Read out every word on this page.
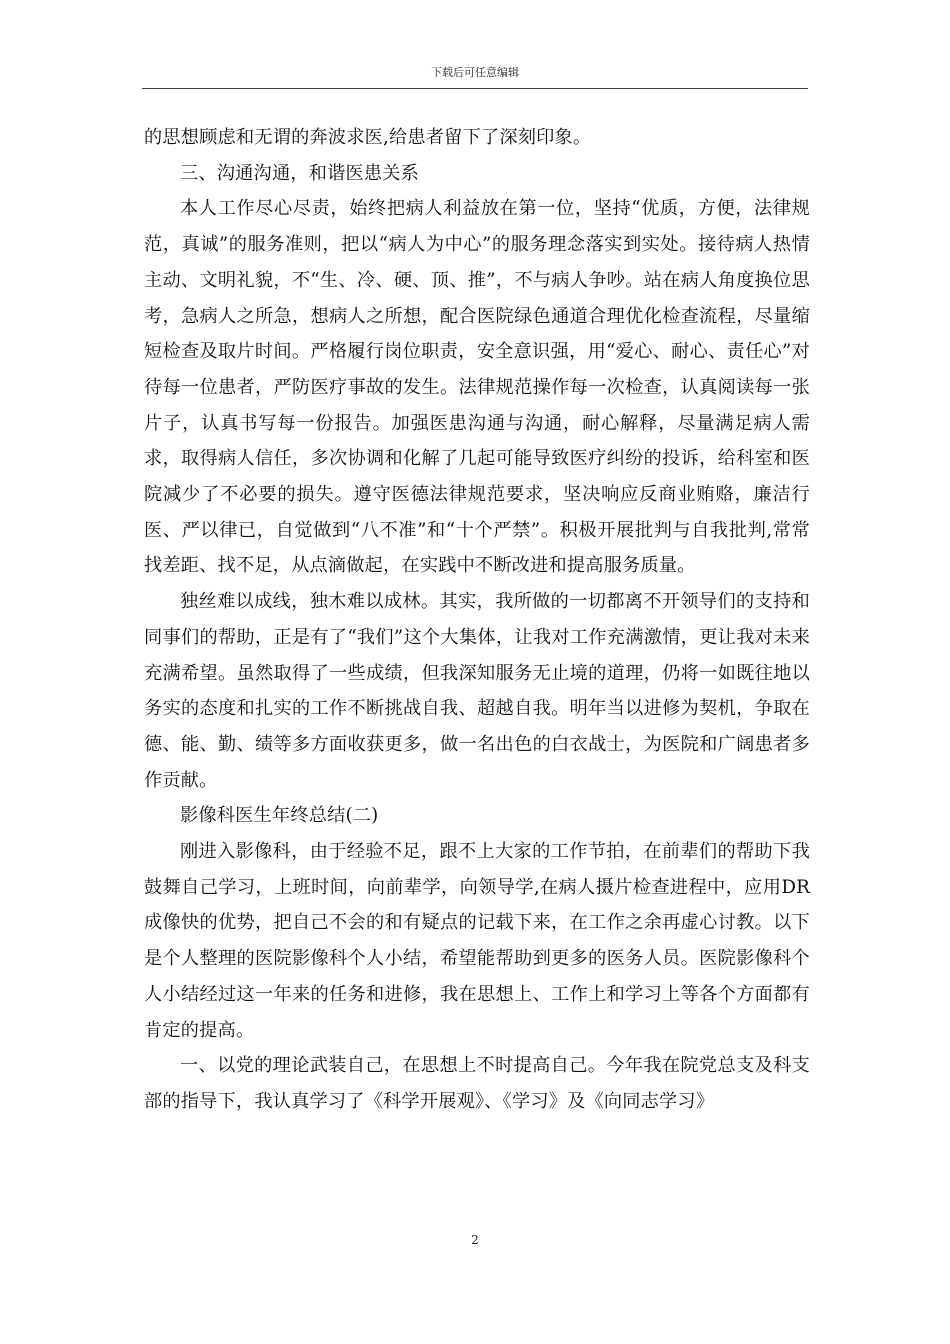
下载后可任意编辑

的思想顾虑和无谓的奔波求医,给患者留下了深刻印象。

三、沟通沟通，和谐医患关系

本人工作尽心尽责，始终把病人利益放在第一位，坚持“优质，方便，法律规范，真诚”的服务准则，把以“病人为中心”的服务理念落实到实处。接待病人热情主动、文明礼貌，不“生、冷、硬、顶、推”，不与病人争吵。站在病人角度换位思考，急病人之所急，想病人之所想，配合医院绿色通道合理优化检查流程，尽量缩短检查及取片时间。严格履行岗位职责，安全意识强，用“爱心、耐心、责任心”对待每一位患者，严防医疗事故的发生。法律规范操作每一次检查，认真阅读每一张片子，认真书写每一份报告。加强医患沟通与沟通，耐心解释，尽量满足病人需求，取得病人信任，多次协调和化解了几起可能导致医疗纠纷的投诉，给科室和医院减少了不必要的损失。遵守医德法律规范要求，坚决响应反商业贿赂，廉洁行医、严以律已，自觉做到“八不准”和“十个严禁”。积极开展批判与自我批判,常常找差距、找不足，从点滴做起，在实践中不断改进和提高服务质量。

独丝难以成线，独木难以成林。其实，我所做的一切都离不开领导们的支持和同事们的帮助，正是有了“我们”这个大集体，让我对工作充满激情，更让我对未来充满希望。虽然取得了一些成绩，但我深知服务无止境的道理，仍将一如既往地以务实的态度和扎实的工作不断挑战自我、超越自我。明年当以进修为契机，争取在德、能、勤、绩等多方面收获更多，做一名出色的白衣战士，为医院和广阔患者多作贡献。

影像科医生年终总结(二)

刚进入影像科，由于经验不足，跟不上大家的工作节拍，在前辈们的帮助下我鼓舞自己学习，上班时间，向前辈学，向领导学,在病人摄片检查进程中，应用DR成像快的优势，把自己不会的和有疑点的记载下来，在工作之余再虚心讨教。以下是个人整理的医院影像科个人小结，希望能帮助到更多的医务人员。医院影像科个人小结经过这一年来的任务和进修，我在思想上、工作上和学习上等各个方面都有肯定的提高。

一、以党的理论武装自己，在思想上不时提高自己。今年我在院党总支及科支部的指导下，我认真学习了《科学开展观》、《学习》及《向同志学习》

2
